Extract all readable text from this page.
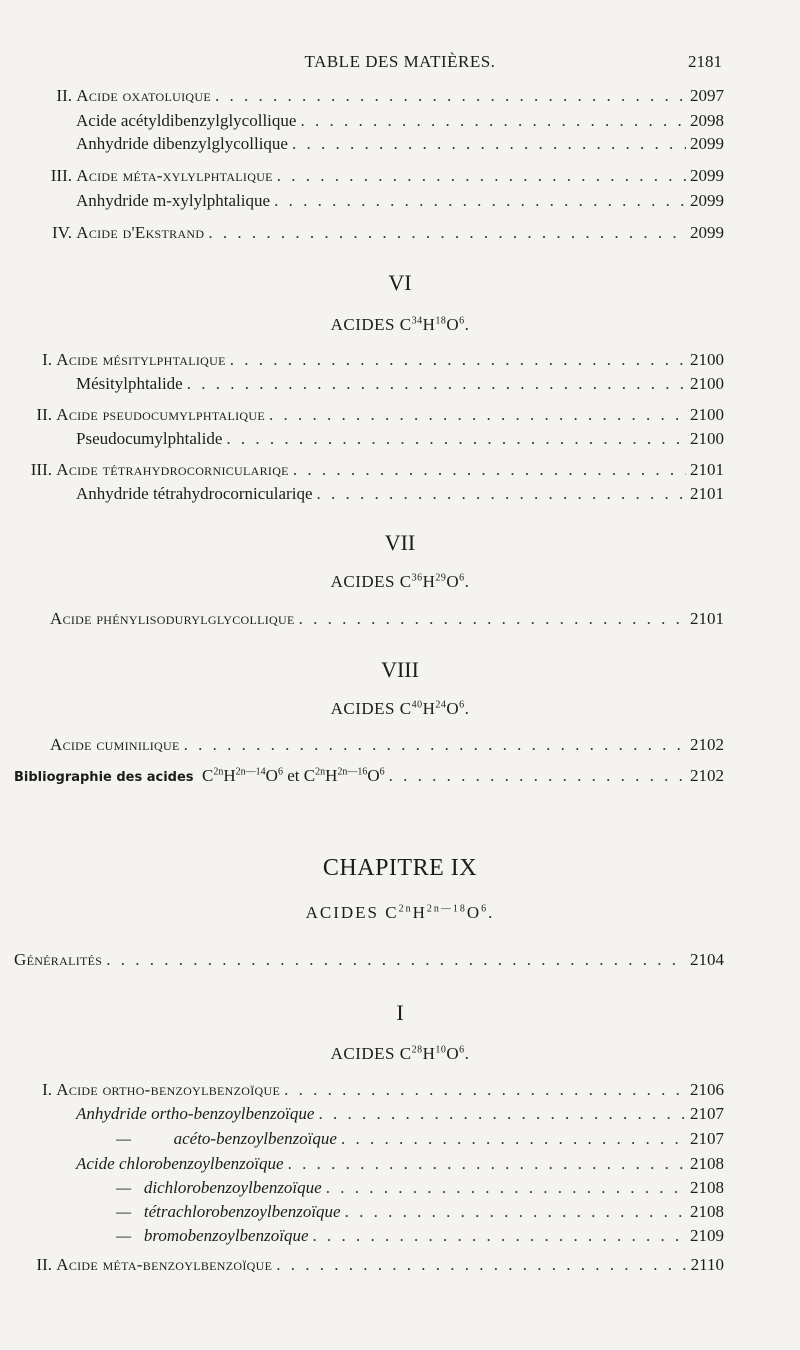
TABLE DES MATIÈRES.	2181
II. Acide oxatoluique . . .	2097
Acide acétyldibenzylglycollique . . .	2098
Anhydride dibenzylglycollique . . .	2099
III. Acide méta-xylylphtalique . . .	2099
Anhydride m-xylylphtalique . . .	2099
IV. Acide d'Ekstrand . . .	2099
VI
ACIDES $C^{34}H^{18}O^6$.
I. Acide mésitylphtalique . . .	2100
Mésitylphtalide . . .	2100
II. Acide pseudocumylphtalique . . .	2100
Pseudocumylphtalide . . .	2100
III. Acide tétrahydrocorniculariqe . . .	2101
Anhydride tétrahydrocorniculariqe . . .	2101
VII
ACIDES $C^{36}H^{29}O^6$.
Acide phénylisodurylglycollique . . .	2101
VIII
ACIDES $C^{40}H^{24}O^6$.
Acide cuminilique . . .	2102
Bibliographie des acides $C^{2n}H^{2n—14}O^6$ et $C^{2n}H^{2n—16}O^6$ . . .	2102
CHAPITRE IX
ACIDES $C^{2n}H^{2n—18}O^6$.
Généralités . . .	2104
I
ACIDES $C^{28}H^{10}O^6$.
I. Acide ortho-benzoylbenzoïque . . .	2106
Anhydride ortho-benzoylbenzoïque . . .	2107
—          acéto-benzoylbenzoïque . . .	2107
Acide chlorobenzoylbenzoïque . . .	2108
—   dichlorobenzoylbenzoïque . . .	2108
—   tétrachlorobenzoylbenzoïque . . .	2108
—   bromobenzoylbenzoïque . . .	2109
II. Acide méta-benzoylbenzoïque . . .	2110
